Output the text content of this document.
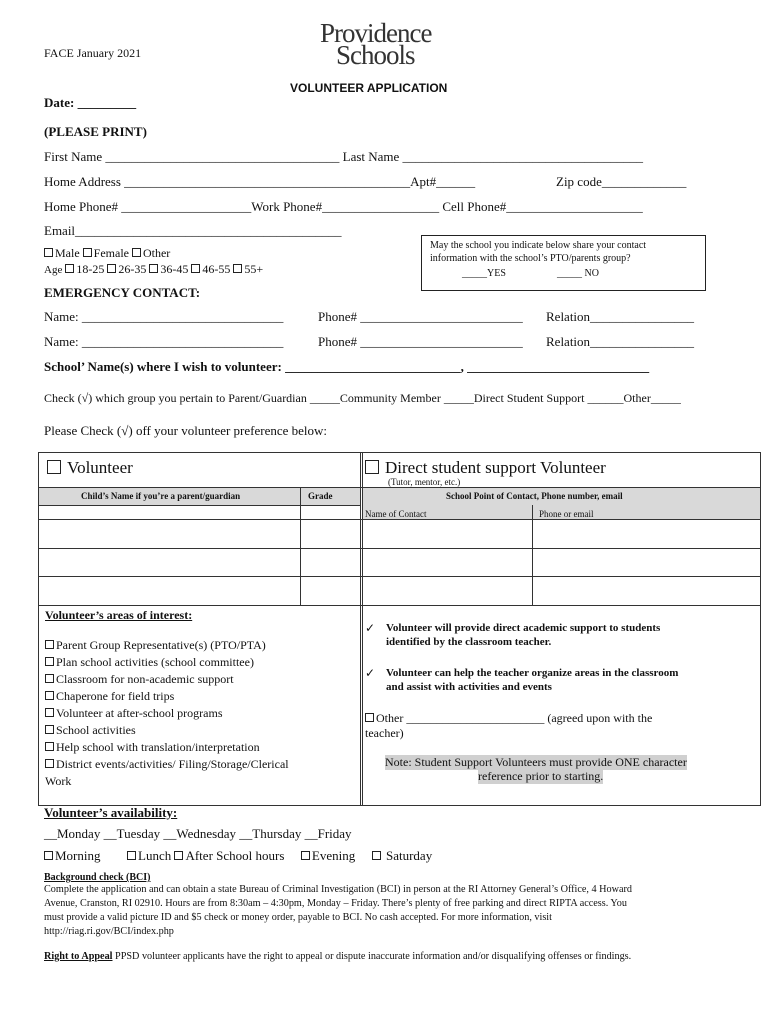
FACE January 2021
Providence
Schools
VOLUNTEER APPLICATION
Date: _________
(PLEASE PRINT)
First Name ____________________________________ Last Name _____________________________________
Home Address ____________________________________________Apt#______	Zip code_____________
Home Phone# ____________________Work Phone#__________________ Cell Phone#_____________________
Email_________________________________________
Male Female Other
Age 18-25 26-35 36-45 46-55 55+
May the school you indicate below share your contact
information with the school’s PTO/parents group?
_____YES	_____ NO
EMERGENCY CONTACT:
Name: _______________________________	Phone# _________________________ Relation________________
Name: _______________________________	Phone# _________________________ Relation________________
School’ Name(s) where I wish to volunteer: ___________________________, ____________________________
Check (√) which group you pertain to Parent/Guardian _____Community Member _____Direct Student Support ______Other_____
Please Check (√) off your volunteer preference below:
Volunteer	Direct student support Volunteer
(Tutor, mentor, etc.)
Child’s Name if you’re a parent/guardian	Grade	School Point of Contact, Phone number, email
Name of Contact	Phone or email
Volunteer’s areas of interest:
Parent Group Representative(s) (PTO/PTA)
Plan school activities (school committee)
Classroom for non-academic support
Chaperone for field trips
Volunteer at after-school programs
School activities
Help school with translation/interpretation
District events/activities/ Filing/Storage/Clerical
Work
✓ Volunteer will provide direct academic support to students
identified by the classroom teacher.
✓ Volunteer can help the teacher organize areas in the classroom
and assist with activities and events
Other _______________________ (agreed upon with the
teacher)
Note: Student Support Volunteers must provide ONE character
reference prior to starting.
Volunteer’s availability:
__Monday __Tuesday __Wednesday __Thursday __Friday
Morning	Lunch After School hours Evening Saturday
Background check (BCI)
Complete the application and can obtain a state Bureau of Criminal Investigation (BCI) in person at the RI Attorney General’s Office, 4 Howard
Avenue, Cranston, RI 02910. Hours are from 8:30am – 4:30pm, Monday – Friday. There’s plenty of free parking and direct RIPTA access. You
must provide a valid picture ID and $5 check or money order, payable to BCI. No cash accepted. For more information, visit
http://riag.ri.gov/BCI/index.php
Right to Appeal PPSD volunteer applicants have the right to appeal or dispute inaccurate information and/or disqualifying offenses or findings.
